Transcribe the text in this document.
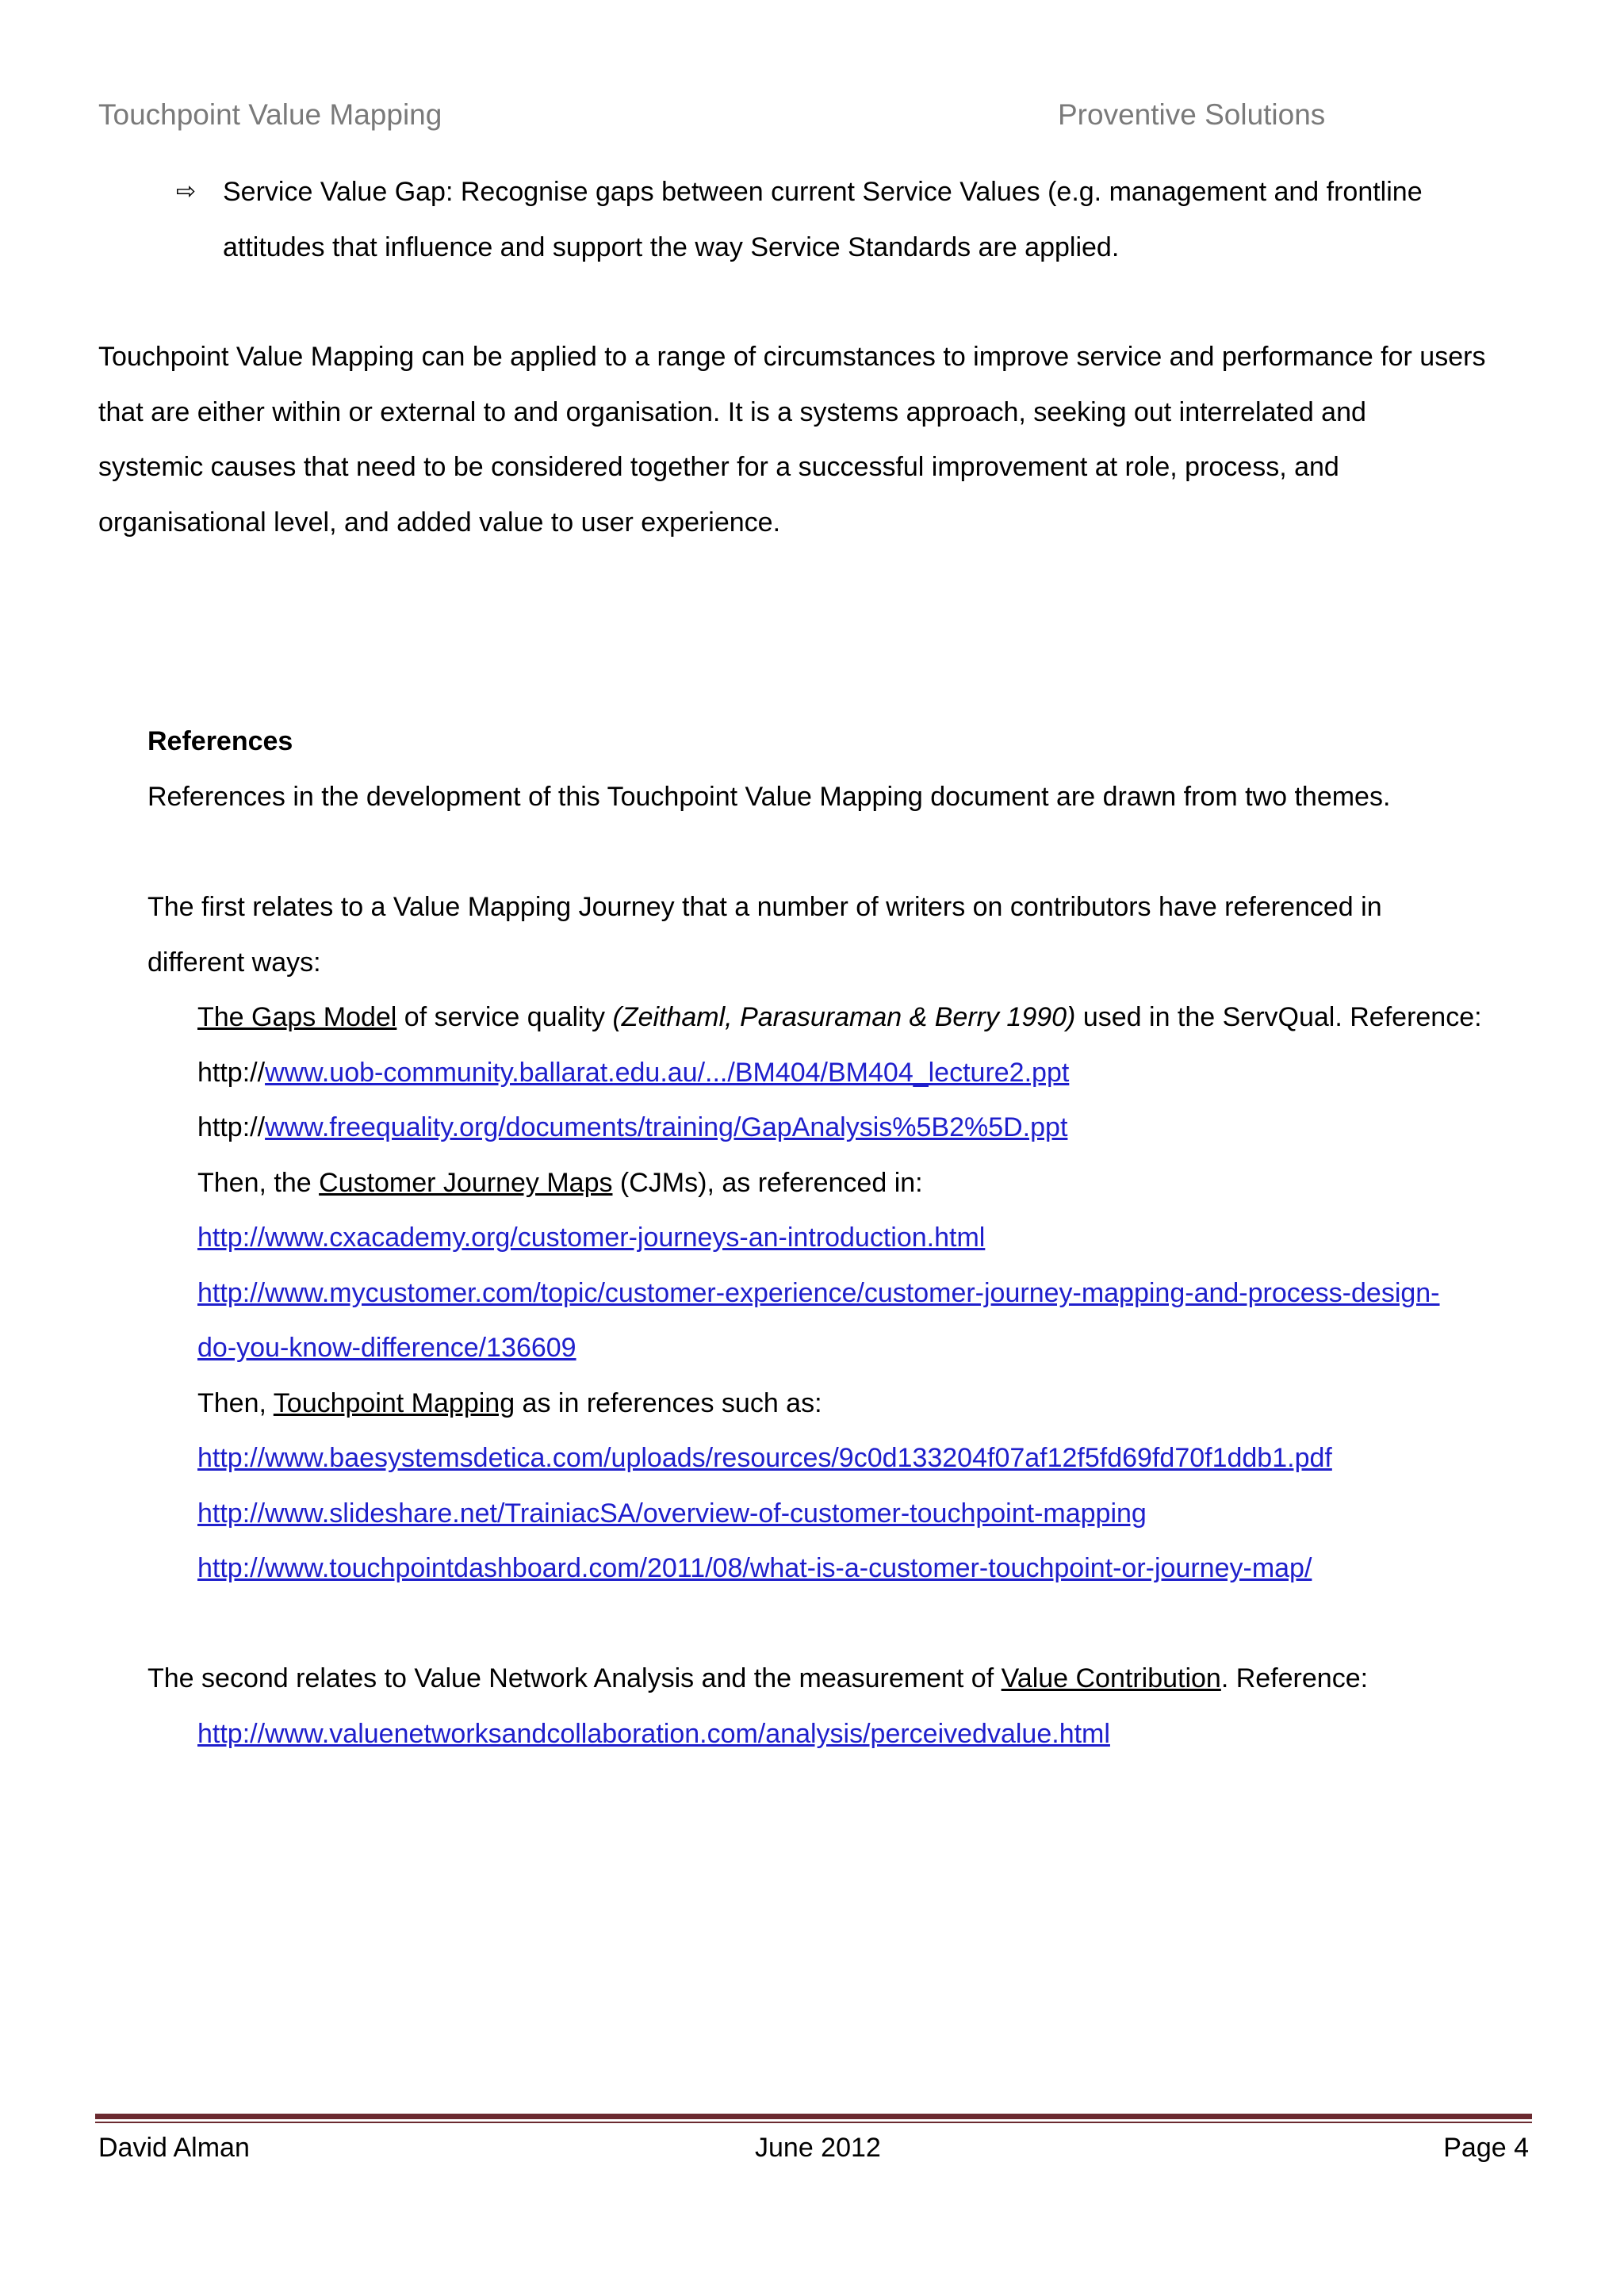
Touchpoint Value Mapping	Proventive Solutions
⇨ Service Value Gap: Recognise gaps between current Service Values (e.g. management and frontline
attitudes that influence and support the way Service Standards are applied.
Touchpoint Value Mapping can be applied to a range of circumstances to improve service and performance for users
that are either within or external to and organisation. It is a systems approach, seeking out interrelated and
systemic causes that need to be considered together for a successful improvement at role, process, and
organisational level, and added value to user experience.
References
References in the development of this Touchpoint Value Mapping document are drawn from two themes.
The first relates to a Value Mapping Journey that a number of writers on contributors have referenced in
different ways:
The Gaps Model of service quality (Zeithaml, Parasuraman & Berry 1990) used in the ServQual. Reference:
http://www.uob-community.ballarat.edu.au/.../BM404/BM404_lecture2.ppt
http://www.freequality.org/documents/training/GapAnalysis%5B2%5D.ppt
Then, the Customer Journey Maps (CJMs), as referenced in:
http://www.cxacademy.org/customer-journeys-an-introduction.html
http://www.mycustomer.com/topic/customer-experience/customer-journey-mapping-and-process-design-
do-you-know-difference/136609
Then, Touchpoint Mapping as in references such as:
http://www.baesystemsdetica.com/uploads/resources/9c0d133204f07af12f5fd69fd70f1ddb1.pdf
http://www.slideshare.net/TrainiacSA/overview-of-customer-touchpoint-mapping
http://www.touchpointdashboard.com/2011/08/what-is-a-customer-touchpoint-or-journey-map/
The second relates to Value Network Analysis and the measurement of Value Contribution. Reference:
http://www.valuenetworksandcollaboration.com/analysis/perceivedvalue.html
David Alman	June 2012	Page 4
